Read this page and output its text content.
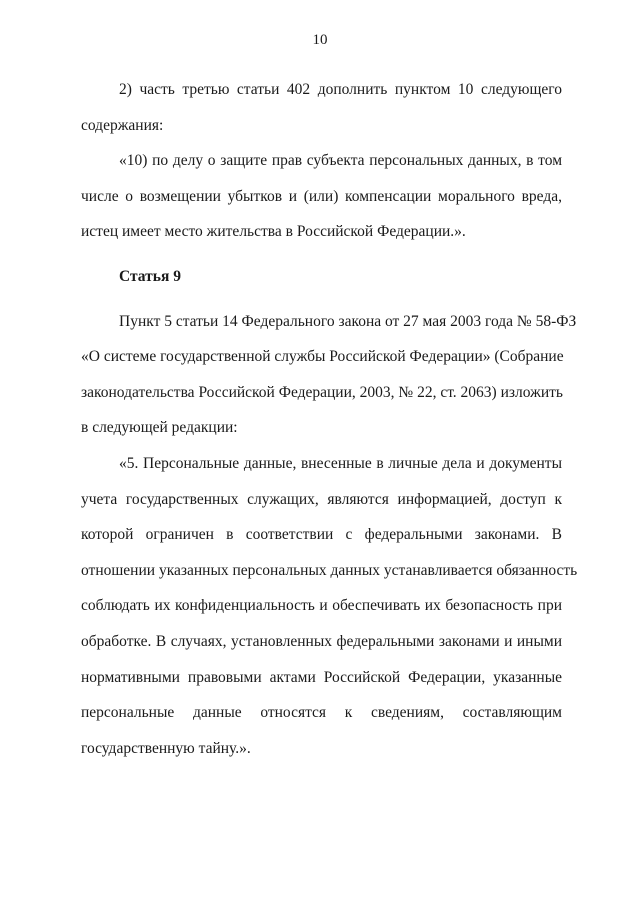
10
2) часть третью статьи 402 дополнить пунктом 10 следующего
содержания:
«10) по делу о защите прав субъекта персональных данных, в том
числе о возмещении убытков и (или) компенсации морального вреда,
истец имеет место жительства в Российской Федерации.».
Статья 9
Пункт 5 статьи 14 Федерального закона от 27 мая 2003 года № 58-ФЗ
«О системе государственной службы Российской Федерации» (Собрание
законодательства Российской Федерации, 2003, № 22, ст. 2063) изложить
в следующей редакции:
«5. Персональные данные, внесенные в личные дела и документы
учета государственных служащих, являются информацией, доступ к
которой ограничен в соответствии с федеральными законами. В
отношении указанных персональных данных устанавливается обязанность
соблюдать их конфиденциальность и обеспечивать их безопасность при
обработке. В случаях, установленных федеральными законами и иными
нормативными правовыми актами Российской Федерации, указанные
персональные данные относятся к сведениям, составляющим
государственную тайну.».
